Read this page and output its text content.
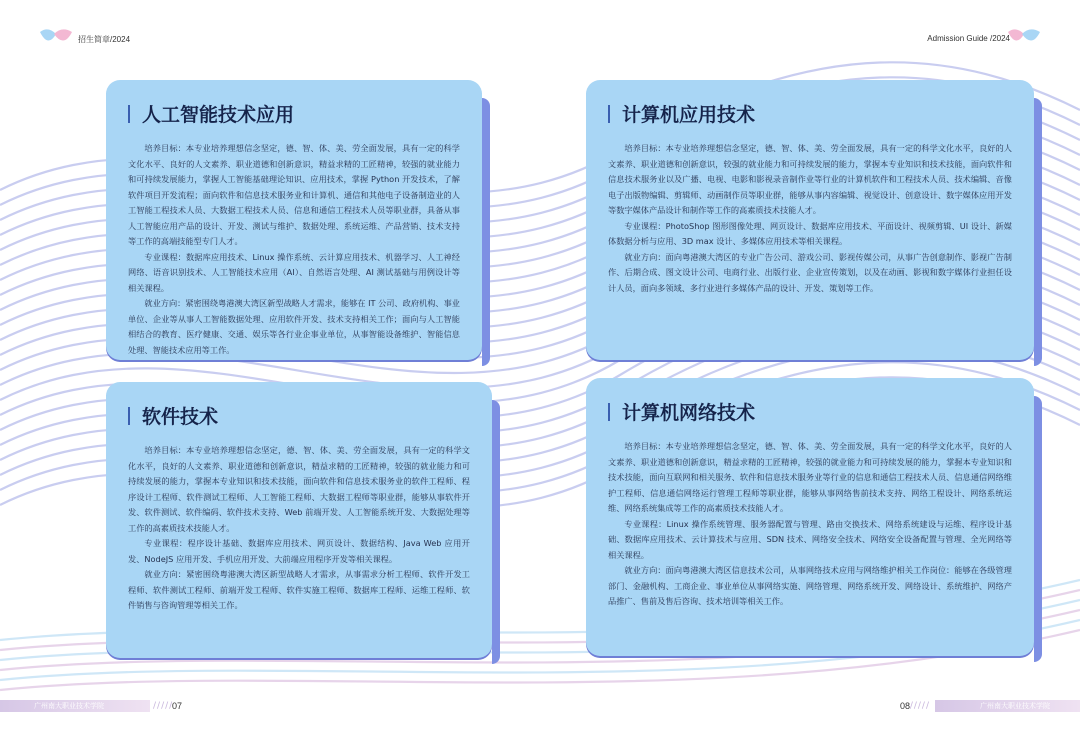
招生简章/2024	Admission Guide /2024
人工智能技术应用

培养目标：本专业培养理想信念坚定，德、智、体、美、劳全面发展，具有一定的科学文化水平、良好的人文素养、职业道德和创新意识，精益求精的工匠精神，较强的就业能力和可持续发展能力，掌握人工智能基础理论知识、应用技术，掌握 Python 开发技术，了解软件项目开发流程；面向软件和信息技术服务业和计算机、通信和其他电子设备制造业的人工智能工程技术人员、大数据工程技术人员、信息和通信工程技术人员等职业群，具备从事人工智能应用产品的设计、开发、测试与维护、数据处理、系统运维、产品营销、技术支持等工作的高端技能型专门人才。

专业课程：数据库应用技术、Linux 操作系统、云计算应用技术、机器学习、人工神经网络、语音识别技术、人工智能技术应用（AI）、自然语言处理、AI 测试基础与用例设计等相关课程。

就业方向：紧密围绕粤港澳大湾区新型战略人才需求，能够在 IT 公司、政府机构、事业单位、企业等从事人工智能数据处理、应用软件开发、技术支持相关工作；面向与人工智能相结合的教育、医疗健康、交通、娱乐等各行业企事业单位，从事智能设备维护、智能信息处理、智能技术应用等工作。

计算机应用技术

培养目标：本专业培养理想信念坚定，德、智、体、美、劳全面发展，具有一定的科学文化水平，良好的人文素养、职业道德和创新意识，较强的就业能力和可持续发展的能力，掌握本专业知识和技术技能，面向软件和信息技术服务业以及广播、电视、电影和影视录音制作业等行业的计算机软件和工程技术人员、技术编辑、音像电子出版物编辑、剪辑师、动画制作员等职业群，能够从事内容编辑、视觉设计、创意设计、数字媒体应用开发等数字媒体产品设计和制作等工作的高素质技术技能人才。

专业课程：PhotoShop 图形图像处理、网页设计、数据库应用技术、平面设计、视频剪辑、UI 设计、新媒体数据分析与应用、3D max 设计、多媒体应用技术等相关课程。

就业方向：面向粤港澳大湾区的专业广告公司、游戏公司、影视传媒公司，从事广告创意制作、影视广告制作、后期合成、图文设计公司、电商行业、出版行业、企业宣传策划，以及在动画、影视和数字媒体行业担任设计人员，面向多领域、多行业进行多媒体产品的设计、开发、策划等工作。

软件技术

培养目标：本专业培养理想信念坚定，德、智、体、美、劳全面发展，具有一定的科学文化水平，良好的人文素养、职业道德和创新意识，精益求精的工匠精神，较强的就业能力和可持续发展的能力，掌握本专业知识和技术技能，面向软件和信息技术服务业的软件工程师、程序设计工程师、软件测试工程师、人工智能工程师、大数据工程师等职业群，能够从事软件开发、软件测试、软件编码、软件技术支持、Web 前端开发、人工智能系统开发、大数据处理等工作的高素质技术技能人才。

专业课程：程序设计基础、数据库应用技术、网页设计、数据结构、Java Web 应用开发、NodeJS 应用开发、手机应用开发、大前端应用程序开发等相关课程。

就业方向：紧密围绕粤港澳大湾区新型战略人才需求，从事需求分析工程师、软件开发工程师、软件测试工程师、前端开发工程师、软件实施工程师、数据库工程师、运维工程师、软件销售与咨询管理等相关工作。

计算机网络技术

培养目标：本专业培养理想信念坚定，德、智、体、美、劳全面发展，具有一定的科学文化水平，良好的人文素养、职业道德和创新意识，精益求精的工匠精神，较强的就业能力和可持续发展的能力，掌握本专业知识和技术技能，面向互联网和相关服务、软件和信息技术服务业等行业的信息和通信工程技术人员、信息通信网络维护工程师、信息通信网络运行管理工程师等职业群，能够从事网络售前技术支持、网络工程设计、网络系统运维、网络系统集成等工作的高素质技术技能人才。

专业课程：Linux 操作系统管理、服务器配置与管理、路由交换技术、网络系统建设与运维、程序设计基础、数据库应用技术、云计算技术与应用、SDN 技术、网络安全技术、网络安全设备配置与管理、全光网络等相关课程。

就业方向：面向粤港澳大湾区信息技术公司，从事网络技术应用与网络维护相关工作岗位：能够在各级管理部门、金融机构、工商企业、事业单位从事网络实施、网络管理、网络系统开发、网络设计、系统维护、网络产品推广、售前及售后咨询、技术培训等相关工作。

广州南大职业技术学院	/////
07	广州南大职业技术学院
/////
08
